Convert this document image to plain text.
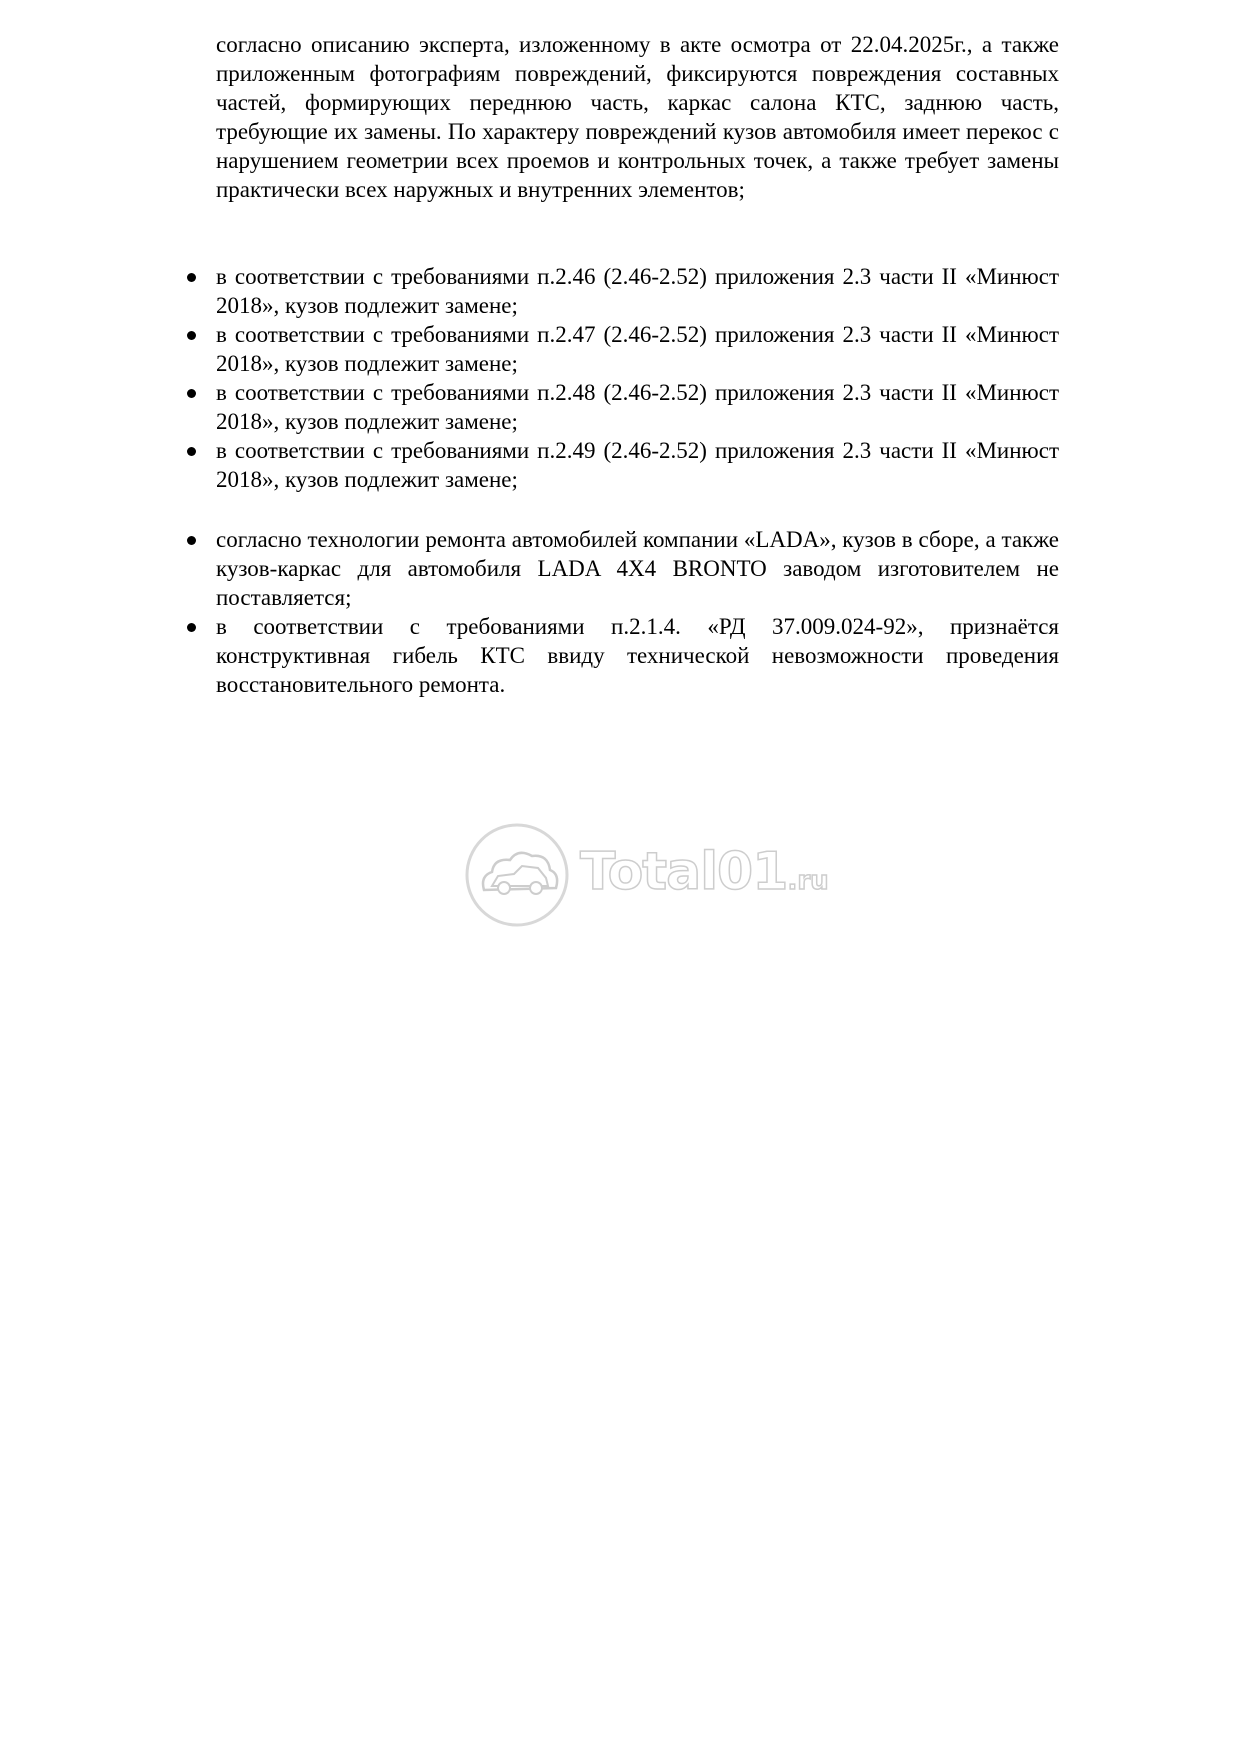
согласно описанию эксперта, изложенному в акте осмотра от 22.04.2025г., а также приложенным фотографиям повреждений, фиксируются повреждения составных частей, формирующих переднюю часть, каркас салона КТС, заднюю часть, требующие их замены. По характеру повреждений кузов автомобиля имеет перекос с нарушением геометрии всех проемов и контрольных точек, а также требует замены практически всех наружных и внутренних элементов;

в соответствии с требованиями п.2.46 (2.46-2.52) приложения 2.3 части II «Минюст 2018», кузов подлежит замене;
в соответствии с требованиями п.2.47 (2.46-2.52) приложения 2.3 части II «Минюст 2018», кузов подлежит замене;
в соответствии с требованиями п.2.48 (2.46-2.52) приложения 2.3 части II «Минюст 2018», кузов подлежит замене;
в соответствии с требованиями п.2.49 (2.46-2.52) приложения 2.3 части II «Минюст 2018», кузов подлежит замене;
согласно технологии ремонта автомобилей компании «LADA», кузов в сборе, а также кузов-каркас для автомобиля LADA 4X4 BRONTO заводом изготовителем не поставляется;
в соответствии с требованиями п.2.1.4. «РД 37.009.024-92», признаётся конструктивная гибель КТС ввиду технической невозможности проведения восстановительного ремонта.
Total01.ru
